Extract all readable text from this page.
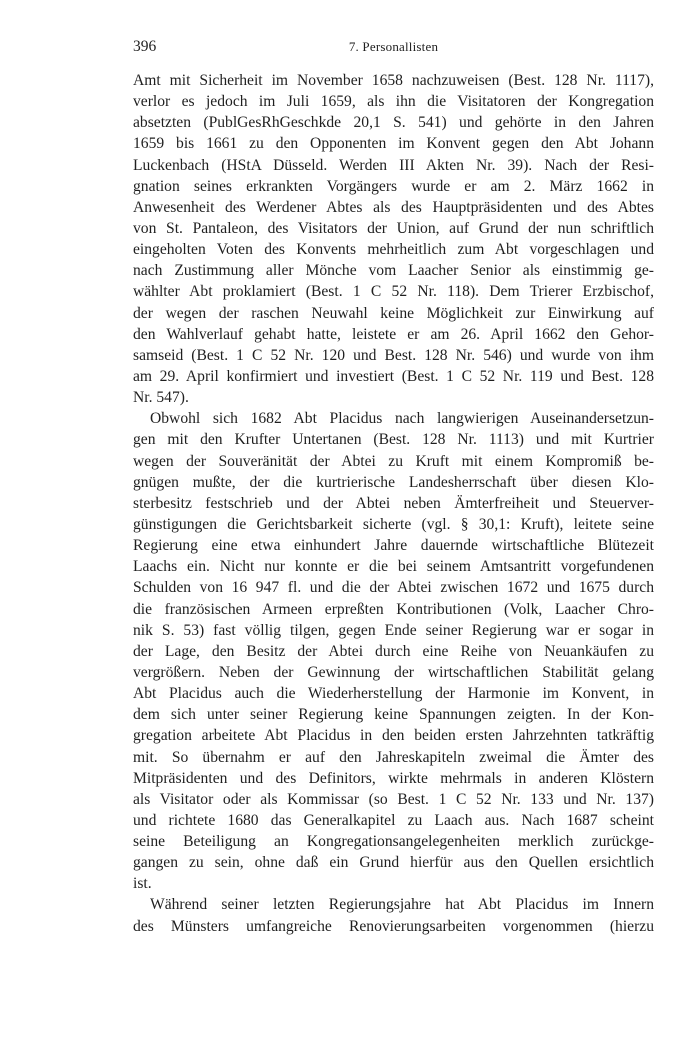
396	7. Personallisten
Amt mit Sicherheit im November 1658 nachzuweisen (Best. 128 Nr. 1117),
verlor es jedoch im Juli 1659, als ihn die Visitatoren der Kongregation
absetzten (PublGesRhGeschkde 20,1 S. 541) und gehörte in den Jahren
1659 bis 1661 zu den Opponenten im Konvent gegen den Abt Johann
Luckenbach (HStA Düsseld. Werden III Akten Nr. 39). Nach der Resi-
gnation seines erkrankten Vorgängers wurde er am 2. März 1662 in
Anwesenheit des Werdener Abtes als des Hauptpräsidenten und des Abtes
von St. Pantaleon, des Visitators der Union, auf Grund der nun schriftlich
eingeholten Voten des Konvents mehrheitlich zum Abt vorgeschlagen und
nach Zustimmung aller Mönche vom Laacher Senior als einstimmig ge-
wählter Abt proklamiert (Best. 1 C 52 Nr. 118). Dem Trierer Erzbischof,
der wegen der raschen Neuwahl keine Möglichkeit zur Einwirkung auf
den Wahlverlauf gehabt hatte, leistete er am 26. April 1662 den Gehor-
samseid (Best. 1 C 52 Nr. 120 und Best. 128 Nr. 546) und wurde von ihm
am 29. April konfirmiert und investiert (Best. 1 C 52 Nr. 119 und Best. 128
Nr. 547).
Obwohl sich 1682 Abt Placidus nach langwierigen Auseinandersetzun-
gen mit den Krufter Untertanen (Best. 128 Nr. 1113) und mit Kurtrier
wegen der Souveränität der Abtei zu Kruft mit einem Kompromiß be-
gnügen mußte, der die kurtrierische Landesherrschaft über diesen Klo-
sterbesitz festschrieb und der Abtei neben Ämterfreiheit und Steuerver-
günstigungen die Gerichtsbarkeit sicherte (vgl. § 30,1: Kruft), leitete seine
Regierung eine etwa einhundert Jahre dauernde wirtschaftliche Blütezeit
Laachs ein. Nicht nur konnte er die bei seinem Amtsantritt vorgefundenen
Schulden von 16 947 fl. und die der Abtei zwischen 1672 und 1675 durch
die französischen Armeen erpreßten Kontributionen (Volk, Laacher Chro-
nik S. 53) fast völlig tilgen, gegen Ende seiner Regierung war er sogar in
der Lage, den Besitz der Abtei durch eine Reihe von Neuankäufen zu
vergrößern. Neben der Gewinnung der wirtschaftlichen Stabilität gelang
Abt Placidus auch die Wiederherstellung der Harmonie im Konvent, in
dem sich unter seiner Regierung keine Spannungen zeigten. In der Kon-
gregation arbeitete Abt Placidus in den beiden ersten Jahrzehnten tatkräftig
mit. So übernahm er auf den Jahreskapiteln zweimal die Ämter des
Mitpräsidenten und des Definitors, wirkte mehrmals in anderen Klöstern
als Visitator oder als Kommissar (so Best. 1 C 52 Nr. 133 und Nr. 137)
und richtete 1680 das Generalkapitel zu Laach aus. Nach 1687 scheint
seine Beteiligung an Kongregationsangelegenheiten merklich zurückge-
gangen zu sein, ohne daß ein Grund hierfür aus den Quellen ersichtlich
ist.
Während seiner letzten Regierungsjahre hat Abt Placidus im Innern
des Münsters umfangreiche Renovierungsarbeiten vorgenommen (hierzu
